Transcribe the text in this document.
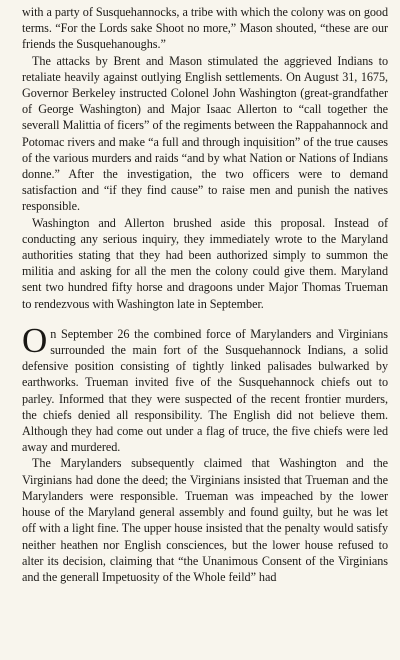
with a party of Susquehannocks, a tribe with which the colony was on good terms. “For the Lords sake Shoot no more,” Mason shouted, “these are our friends the Susquehanoughs.”

The attacks by Brent and Mason stimulated the aggrieved Indians to retaliate heavily against outlying English settlements. On August 31, 1675, Governor Berkeley instructed Colonel John Washington (great-grandfather of George Washington) and Major Isaac Allerton to “call together the severall Malittia of ficers” of the regiments between the Rappahannock and Potomac rivers and make “a full and through inquisition” of the true causes of the various murders and raids “and by what Nation or Nations of Indians donne.” After the investigation, the two officers were to demand satisfaction and “if they find cause” to raise men and punish the natives responsible.

Washington and Allerton brushed aside this proposal. Instead of conducting any serious inquiry, they immediately wrote to the Maryland authorities stating that they had been authorized simply to summon the militia and asking for all the men the colony could give them. Maryland sent two hundred fifty horse and dragoons under Major Thomas Trueman to rendezvous with Washington late in September.

On September 26 the combined force of Marylanders and Virginians surrounded the main fort of the Susquehannock Indians, a solid defensive position consisting of tightly linked palisades bulwarked by earthworks. Trueman invited five of the Susquehannock chiefs out to parley. Informed that they were suspected of the recent frontier murders, the chiefs denied all responsibility. The English did not believe them. Although they had come out under a flag of truce, the five chiefs were led away and murdered.

The Marylanders subsequently claimed that Washington and the Virginians had done the deed; the Virginians insisted that Trueman and the Marylanders were responsible. Trueman was impeached by the lower house of the Maryland general assembly and found guilty, but he was let off with a light fine. The upper house insisted that the penalty would satisfy neither heathen nor English consciences, but the lower house refused to alter its decision, claiming that “the Unanimous Consent of the Virginians and the generall Impetuosity of the Whole feild” had
